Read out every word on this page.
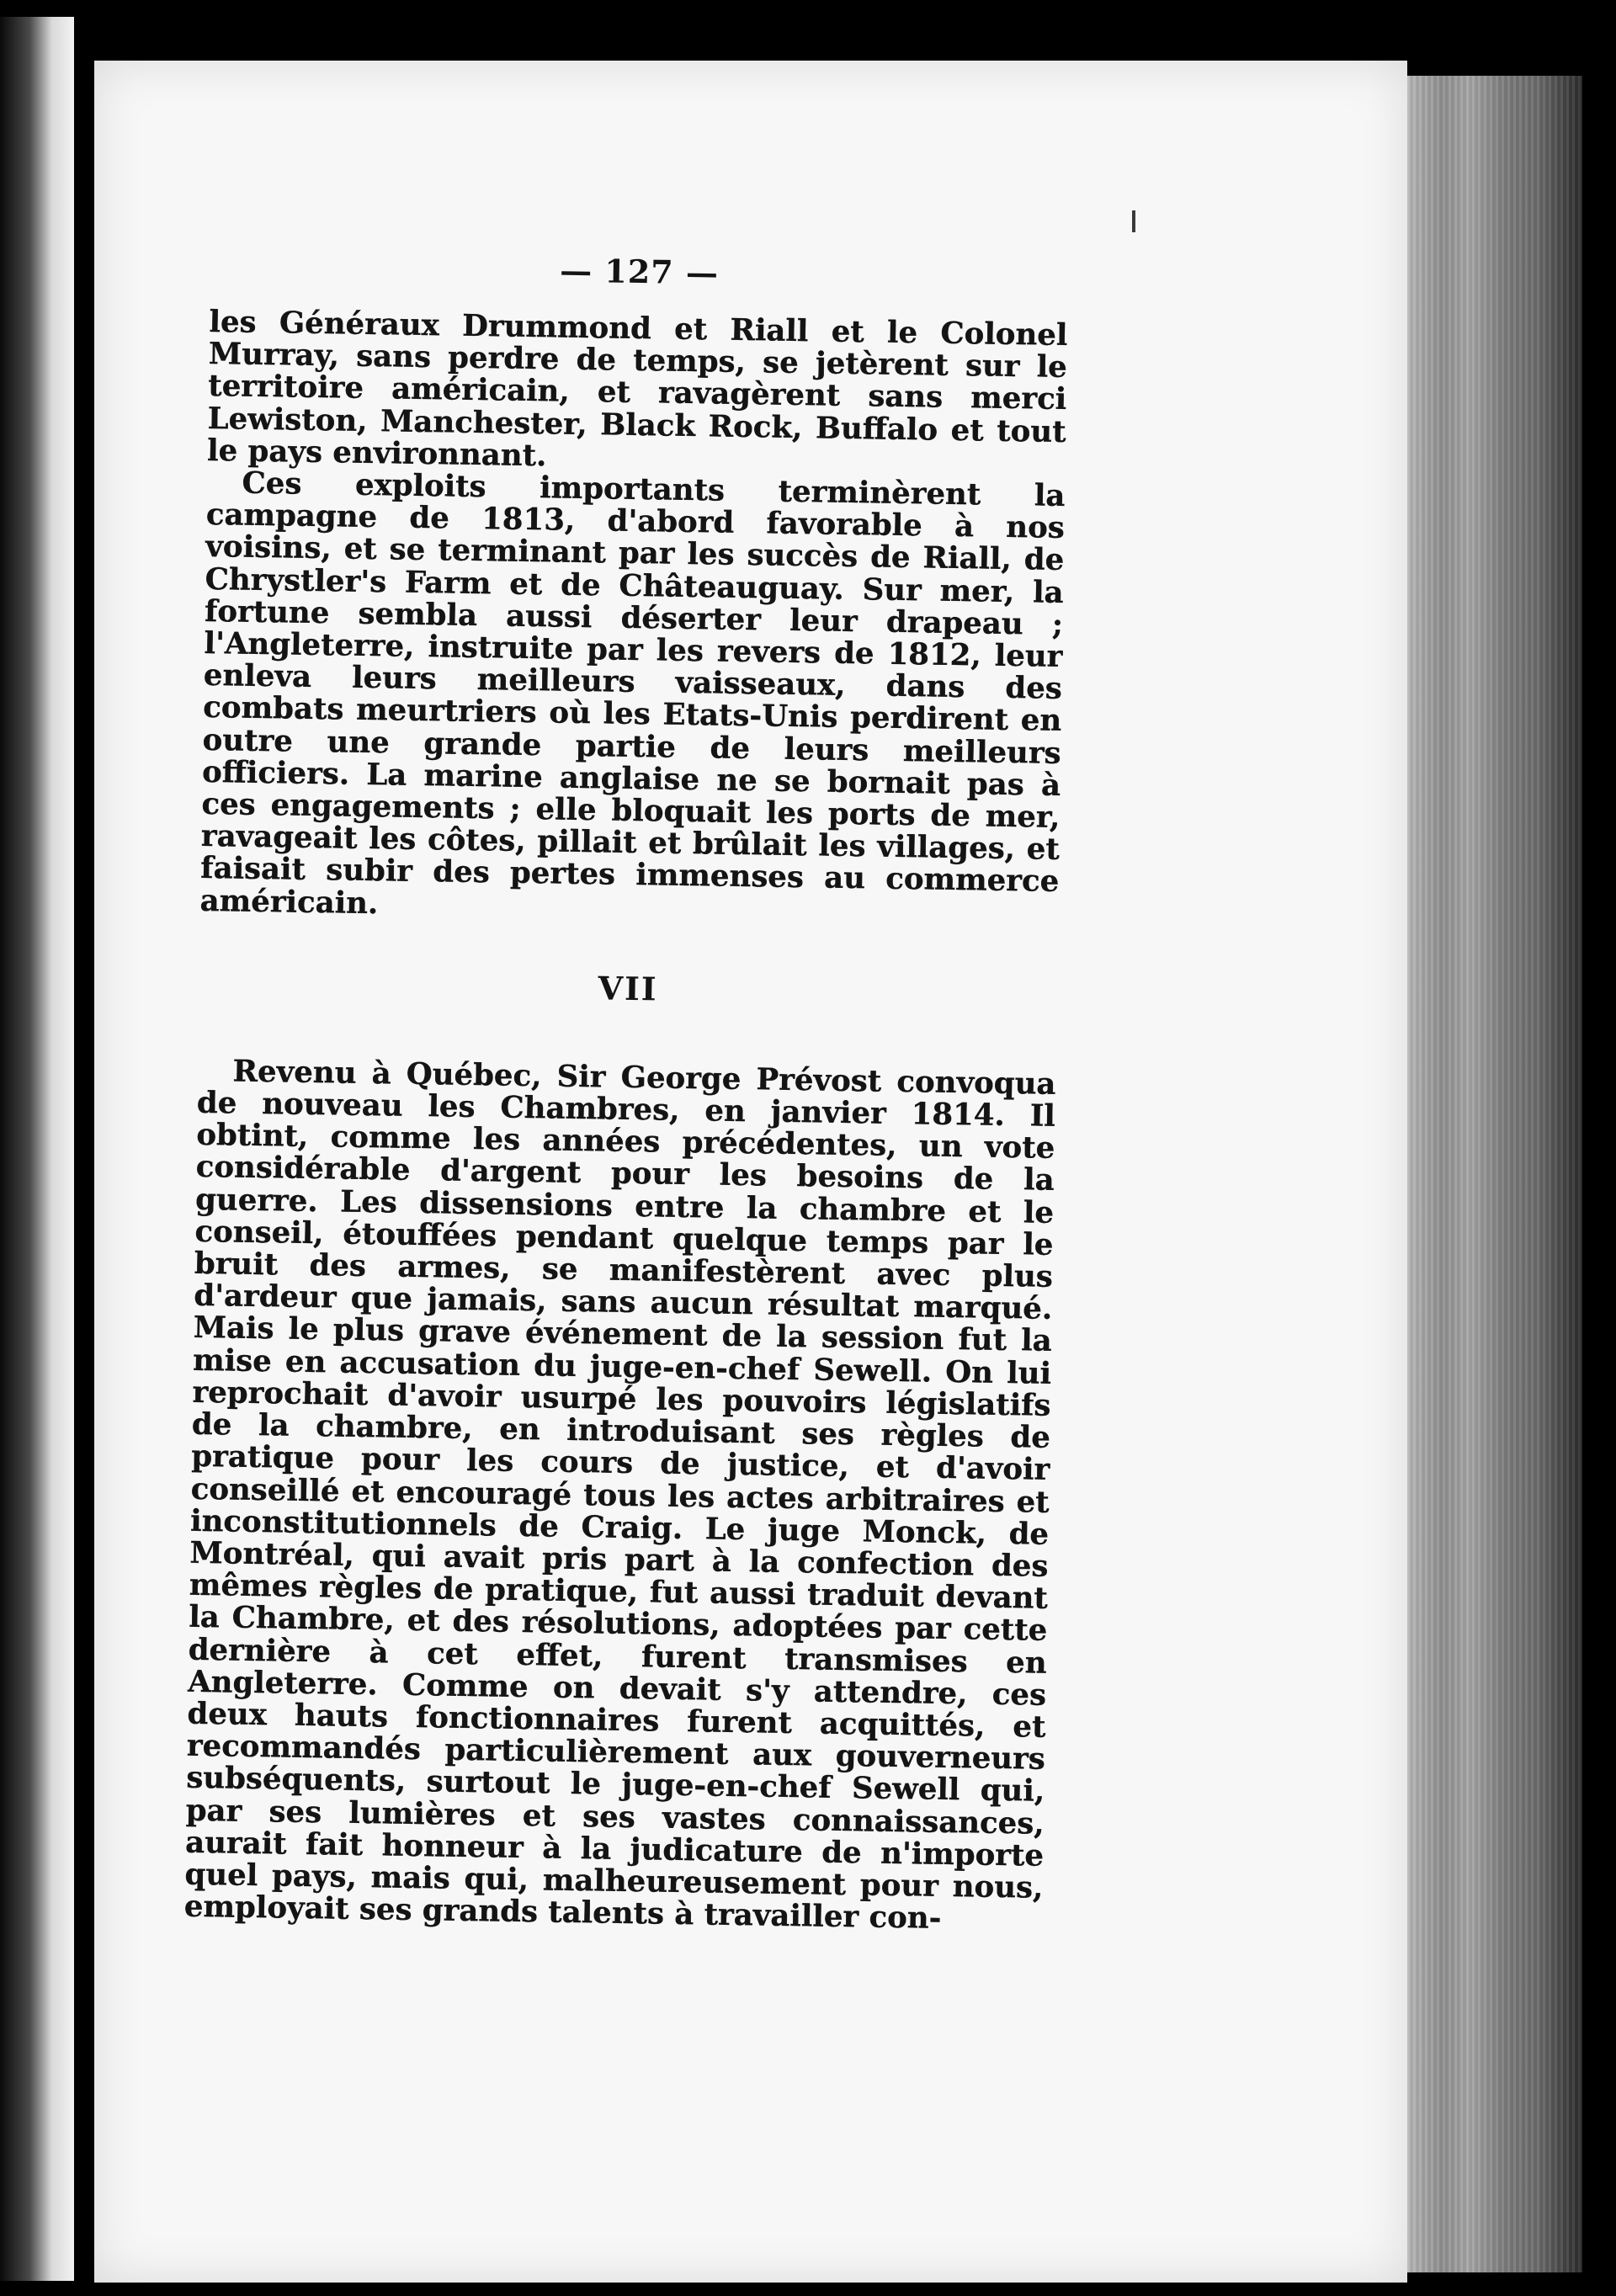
— 127 —

les Généraux Drummond et Riall et le Colonel Murray, sans perdre de temps, se jetèrent sur le territoire américain, et ravagèrent sans merci Lewiston, Manchester, Black Rock, Buffalo et tout le pays environnant.

Ces exploits importants terminèrent la campagne de 1813, d'abord favorable à nos voisins, et se terminant par les succès de Riall, de Chrystler's Farm et de Châteauguay. Sur mer, la fortune sembla aussi déserter leur drapeau ; l'Angleterre, instruite par les revers de 1812, leur enleva leurs meilleurs vaisseaux, dans des combats meurtriers où les Etats-Unis perdirent en outre une grande partie de leurs meilleurs officiers. La marine anglaise ne se bornait pas à ces engagements ; elle bloquait les ports de mer, ravageait les côtes, pillait et brûlait les villages, et faisait subir des pertes immenses au commerce américain.

VII

Revenu à Québec, Sir George Prévost convoqua de nouveau les Chambres, en janvier 1814. Il obtint, comme les années précédentes, un vote considérable d'argent pour les besoins de la guerre. Les dissensions entre la chambre et le conseil, étouffées pendant quelque temps par le bruit des armes, se manifestèrent avec plus d'ardeur que jamais, sans aucun résultat marqué. Mais le plus grave événement de la session fut la mise en accusation du juge-en-chef Sewell. On lui reprochait d'avoir usurpé les pouvoirs législatifs de la chambre, en introduisant ses règles de pratique pour les cours de justice, et d'avoir conseillé et encouragé tous les actes arbitraires et inconstitutionnels de Craig. Le juge Monck, de Montréal, qui avait pris part à la confection des mêmes règles de pratique, fut aussi traduit devant la Chambre, et des résolutions, adoptées par cette dernière à cet effet, furent transmises en Angleterre. Comme on devait s'y attendre, ces deux hauts fonctionnaires furent acquittés, et recommandés particulièrement aux gouverneurs subséquents, surtout le juge-en-chef Sewell qui, par ses lumières et ses vastes connaissances, aurait fait honneur à la judicature de n'importe quel pays, mais qui, malheureusement pour nous, employait ses grands talents à travailler con-
